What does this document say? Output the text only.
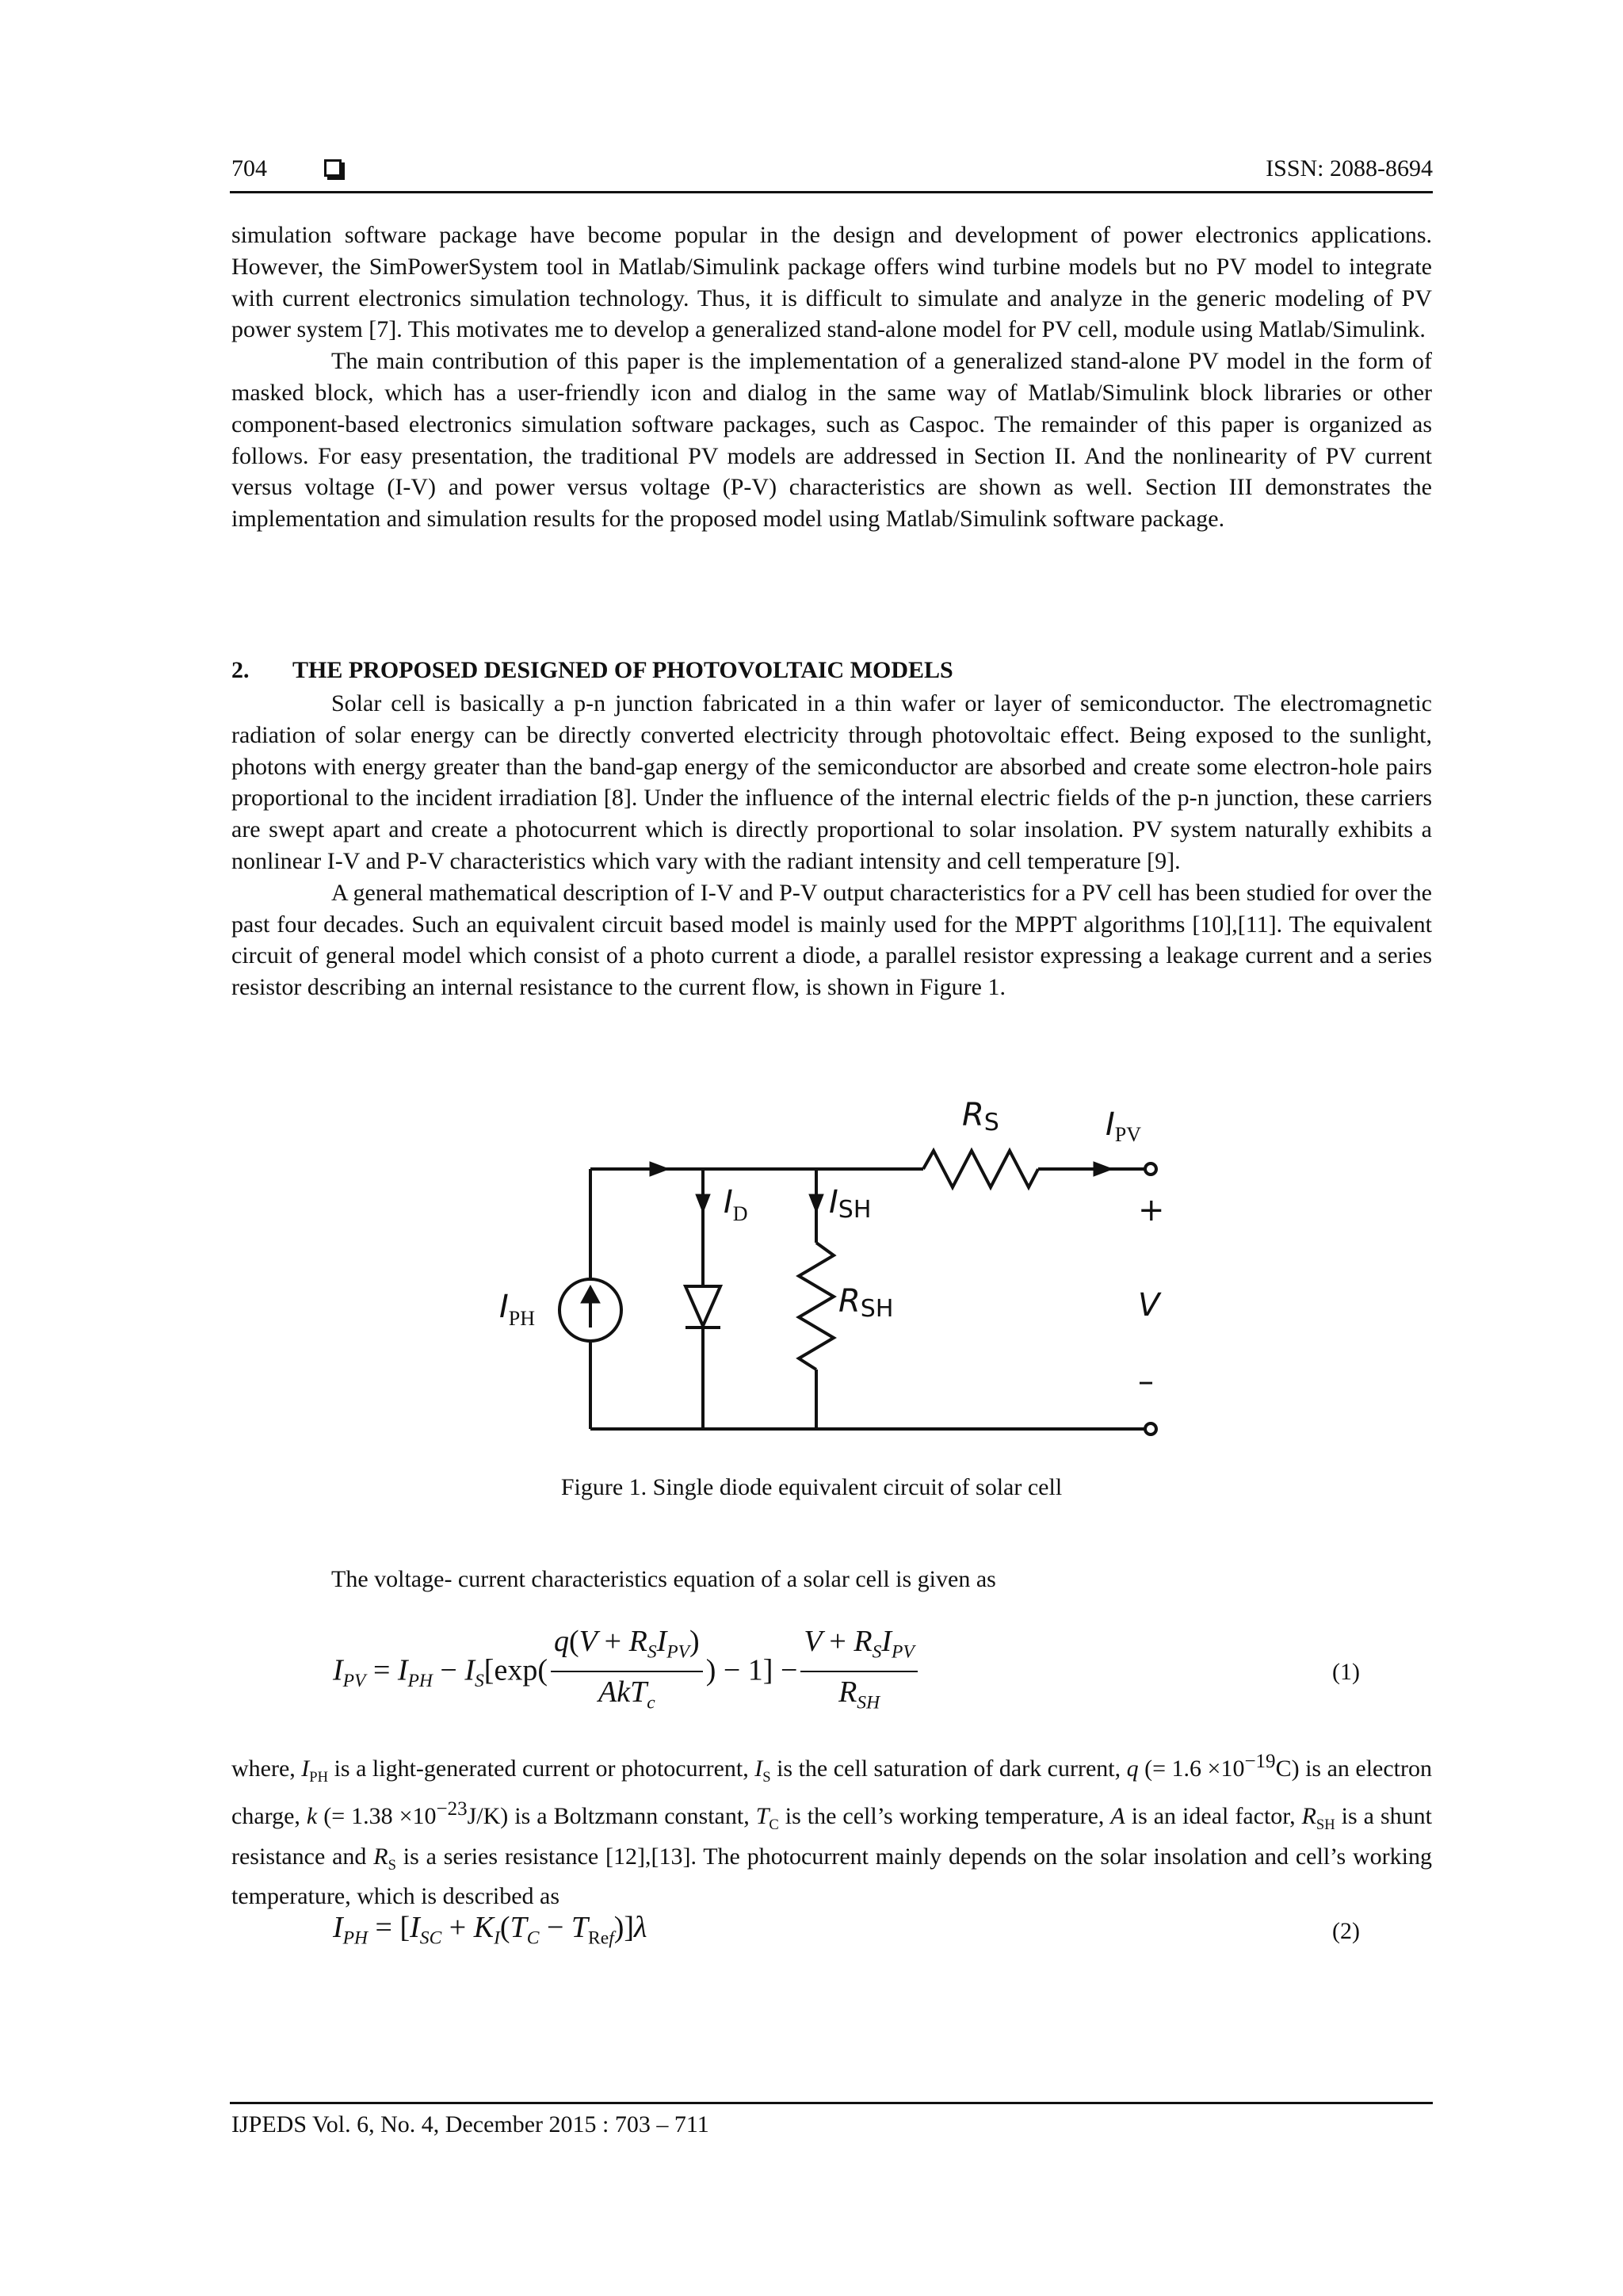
704	ISSN: 2088-8694

simulation software package have become popular in the design and development of power electronics applications. However, the SimPowerSystem tool in Matlab/Simulink package offers wind turbine models but no PV model to integrate with current electronics simulation technology. Thus, it is difficult to simulate and analyze in the generic modeling of PV power system [7]. This motivates me to develop a generalized stand-alone model for PV cell, module using Matlab/Simulink.

The main contribution of this paper is the implementation of a generalized stand-alone PV model in the form of masked block, which has a user-friendly icon and dialog in the same way of Matlab/Simulink block libraries or other component-based electronics simulation software packages, such as Caspoc. The remainder of this paper is organized as follows. For easy presentation, the traditional PV models are addressed in Section II. And the nonlinearity of PV current versus voltage (I-V) and power versus voltage (P-V) characteristics are shown as well. Section III demonstrates the implementation and simulation results for the proposed model using Matlab/Simulink software package.

2. THE PROPOSED DESIGNED OF PHOTOVOLTAIC MODELS

Solar cell is basically a p-n junction fabricated in a thin wafer or layer of semiconductor. The electromagnetic radiation of solar energy can be directly converted electricity through photovoltaic effect. Being exposed to the sunlight, photons with energy greater than the band-gap energy of the semiconductor are absorbed and create some electron-hole pairs proportional to the incident irradiation [8]. Under the influence of the internal electric fields of the p-n junction, these carriers are swept apart and create a photocurrent which is directly proportional to solar insolation. PV system naturally exhibits a nonlinear I-V and P-V characteristics which vary with the radiant intensity and cell temperature [9].

A general mathematical description of I-V and P-V output characteristics for a PV cell has been studied for over the past four decades. Such an equivalent circuit based model is mainly used for the MPPT algorithms [10],[11]. The equivalent circuit of general model which consist of a photo current a diode, a parallel resistor expressing a leakage current and a series resistor describing an internal resistance to the current flow, is shown in Figure 1.

RS	$I_{PV}$
$I_D$	ISH
$I_{PH}$	RSH
+
V
–
Figure 1. Single diode equivalent circuit of solar cell
The voltage- current characteristics equation of a solar cell is given as
$I_{PV} = I_{PH} - I_S[\exp( \frac{q(V + R_SI_{PV})}{AkT_c}$ ) − $1] - \frac{V + R_SI_{PV}}{R_{SH}}$	(1)

where, $I_{PH}$ is a light-generated current or photocurrent, $I_S$ is the cell saturation of dark current, q (= $1.6 \times 10^{-19}C$) is an electron charge, k (= $1.38 \times 10^{-23}J/K$) is a Boltzmann constant, $T_C$ is the cell’s working temperature, A is an ideal factor, $R_{SH}$ is a shunt resistance and $R_S$ is a series resistance [12],[13]. The photocurrent mainly depends on the solar insolation and cell’s working temperature, which is described as

$I_{PH} = [I_{SC} + K_I(T_C - T_{Ref})]\lambda$	(2)
IJPEDS Vol. 6, No. 4, December 2015 : 703 – 711
